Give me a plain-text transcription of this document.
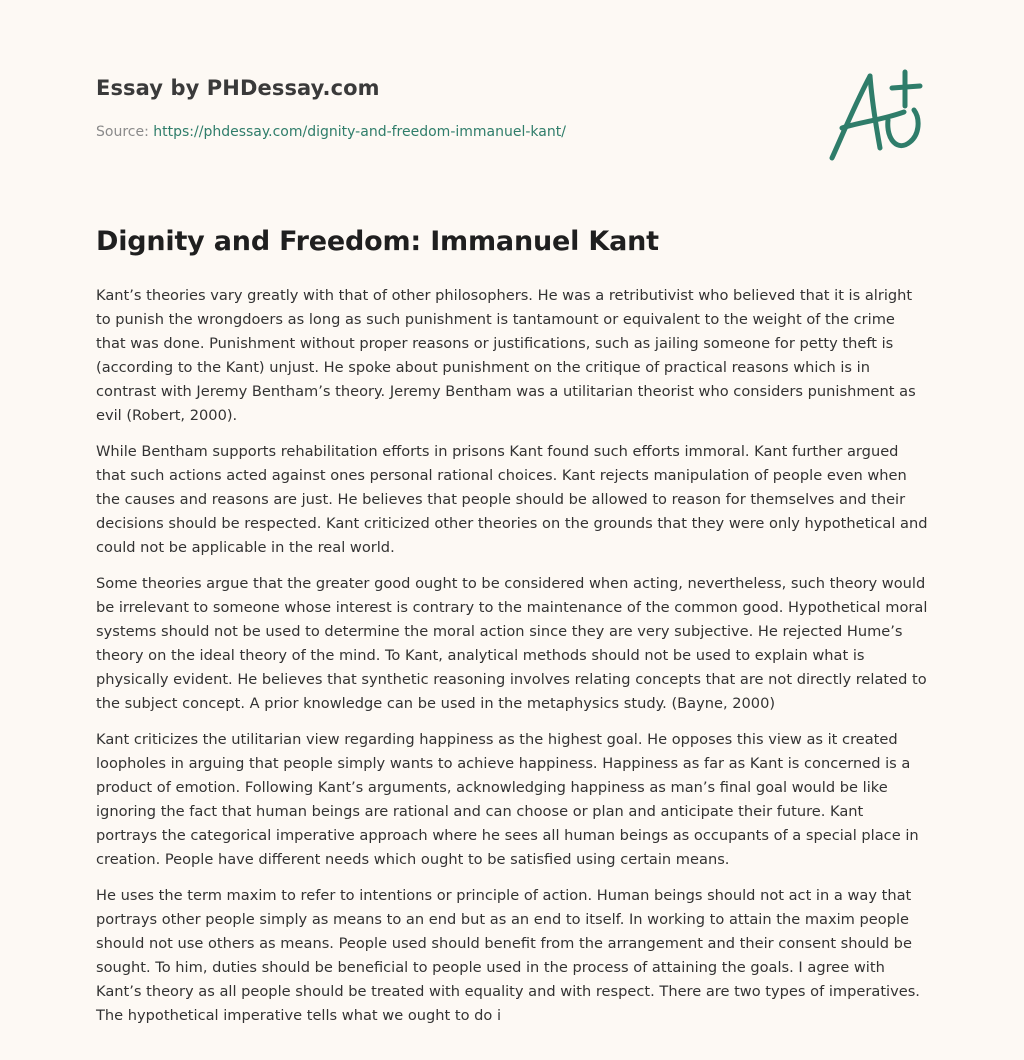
Essay by PHDessay.com
Source: https://phdessay.com/dignity-and-freedom-immanuel-kant/
Dignity and Freedom: Immanuel Kant

Kant’s theories vary greatly with that of other philosophers. He was a retributivist who believed that it is alright to punish the wrongdoers as long as such punishment is tantamount or equivalent to the weight of the crime that was done. Punishment without proper reasons or justifications, such as jailing someone for petty theft is (according to the Kant) unjust. He spoke about punishment on the critique of practical reasons which is in contrast with Jeremy Bentham’s theory. Jeremy Bentham was a utilitarian theorist who considers punishment as evil (Robert, 2000).

While Bentham supports rehabilitation efforts in prisons Kant found such efforts immoral. Kant further argued that such actions acted against ones personal rational choices. Kant rejects manipulation of people even when the causes and reasons are just. He believes that people should be allowed to reason for themselves and their decisions should be respected. Kant criticized other theories on the grounds that they were only hypothetical and could not be applicable in the real world.

Some theories argue that the greater good ought to be considered when acting, nevertheless, such theory would be irrelevant to someone whose interest is contrary to the maintenance of the common good. Hypothetical moral systems should not be used to determine the moral action since they are very subjective. He rejected Hume’s theory on the ideal theory of the mind. To Kant, analytical methods should not be used to explain what is physically evident. He believes that synthetic reasoning involves relating concepts that are not directly related to the subject concept. A prior knowledge can be used in the metaphysics study. (Bayne, 2000)

Kant criticizes the utilitarian view regarding happiness as the highest goal. He opposes this view as it created loopholes in arguing that people simply wants to achieve happiness. Happiness as far as Kant is concerned is a product of emotion. Following Kant’s arguments, acknowledging happiness as man’s final goal would be like ignoring the fact that human beings are rational and can choose or plan and anticipate their future. Kant portrays the categorical imperative approach where he sees all human beings as occupants of a special place in creation. People have different needs which ought to be satisfied using certain means.

He uses the term maxim to refer to intentions or principle of action. Human beings should not act in a way that portrays other people simply as means to an end but as an end to itself. In working to attain the maxim people should not use others as means. People used should benefit from the arrangement and their consent should be sought. To him, duties should be beneficial to people used in the process of attaining the goals. I agree with Kant’s theory as all people should be treated with equality and with respect. There are two types of imperatives. The hypothetical imperative tells what we ought to do i
